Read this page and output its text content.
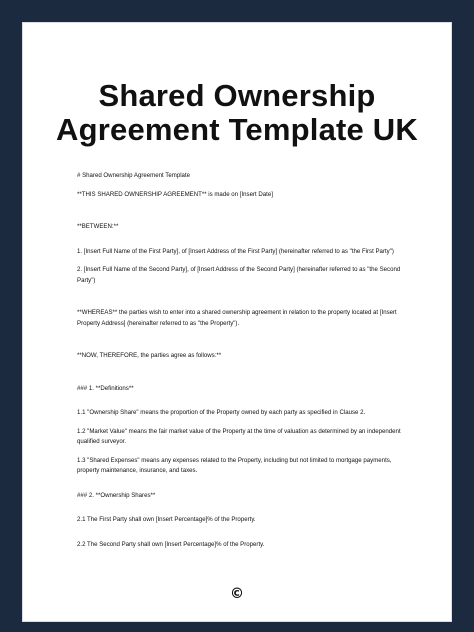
Shared Ownership
Agreement Template UK

# Shared Ownership Agreement Template

**THIS SHARED OWNERSHIP AGREEMENT** is made on [Insert Date]

**BETWEEN:**

1. [Insert Full Name of the First Party], of [Insert Address of the First Party] (hereinafter referred to as "the First Party")

2. [Insert Full Name of the Second Party], of [Insert Address of the Second Party] (hereinafter referred to as "the Second Party")

**WHEREAS** the parties wish to enter into a shared ownership agreement in relation to the property located at [Insert Property Address] (hereinafter referred to as "the Property").

**NOW, THEREFORE, the parties agree as follows:**

### 1. **Definitions**

1.1 "Ownership Share" means the proportion of the Property owned by each party as specified in Clause 2.

1.2 "Market Value" means the fair market value of the Property at the time of valuation as determined by an independent qualified surveyor.

1.3 "Shared Expenses" means any expenses related to the Property, including but not limited to mortgage payments, property maintenance, insurance, and taxes.

### 2. **Ownership Shares**

2.1 The First Party shall own [Insert Percentage]% of the Property.

2.2 The Second Party shall own [Insert Percentage]% of the Property.

©
